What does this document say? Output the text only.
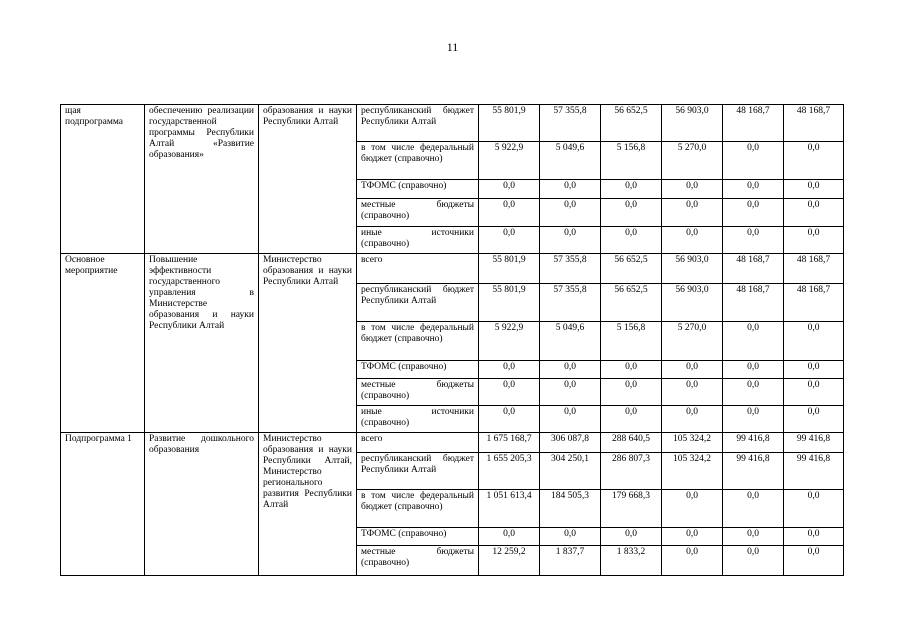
11
щая подпрограмма	обеспечению реализации государственной программы Республики Алтай «Развитие образования»	образования и науки Республики Алтай	республиканский бюджет Республики Алтай	55 801,9	57 355,8	56 652,5	56 903,0	48 168,7	48 168,7
			в том числе федеральный бюджет (справочно)	5 922,9	5 049,6	5 156,8	5 270,0	0,0	0,0
			ТФОМС (справочно)	0,0	0,0	0,0	0,0	0,0	0,0
			местные бюджеты (справочно)	0,0	0,0	0,0	0,0	0,0	0,0
			иные источники (справочно)	0,0	0,0	0,0	0,0	0,0	0,0
Основное мероприятие	Повышение эффективности государственного управления в Министерстве образования и науки Республики Алтай	Министерство образования и науки Республики Алтай	всего	55 801,9	57 355,8	56 652,5	56 903,0	48 168,7	48 168,7
			республиканский бюджет Республики Алтай	55 801,9	57 355,8	56 652,5	56 903,0	48 168,7	48 168,7
			в том числе федеральный бюджет (справочно)	5 922,9	5 049,6	5 156,8	5 270,0	0,0	0,0
			ТФОМС (справочно)	0,0	0,0	0,0	0,0	0,0	0,0
			местные бюджеты (справочно)	0,0	0,0	0,0	0,0	0,0	0,0
			иные источники (справочно)	0,0	0,0	0,0	0,0	0,0	0,0
Подпрограмма 1	Развитие дошкольного образования	Министерство образования и науки Республики Алтай, Министерство регионального развития Республики Алтай	всего	1 675 168,7	306 087,8	288 640,5	105 324,2	99 416,8	99 416,8
			республиканский бюджет Республики Алтай	1 655 205,3	304 250,1	286 807,3	105 324,2	99 416,8	99 416,8
			в том числе федеральный бюджет (справочно)	1 051 613,4	184 505,3	179 668,3	0,0	0,0	0,0
			ТФОМС (справочно)	0,0	0,0	0,0	0,0	0,0	0,0
			местные бюджеты (справочно)	12 259,2	1 837,7	1 833,2	0,0	0,0	0,0
